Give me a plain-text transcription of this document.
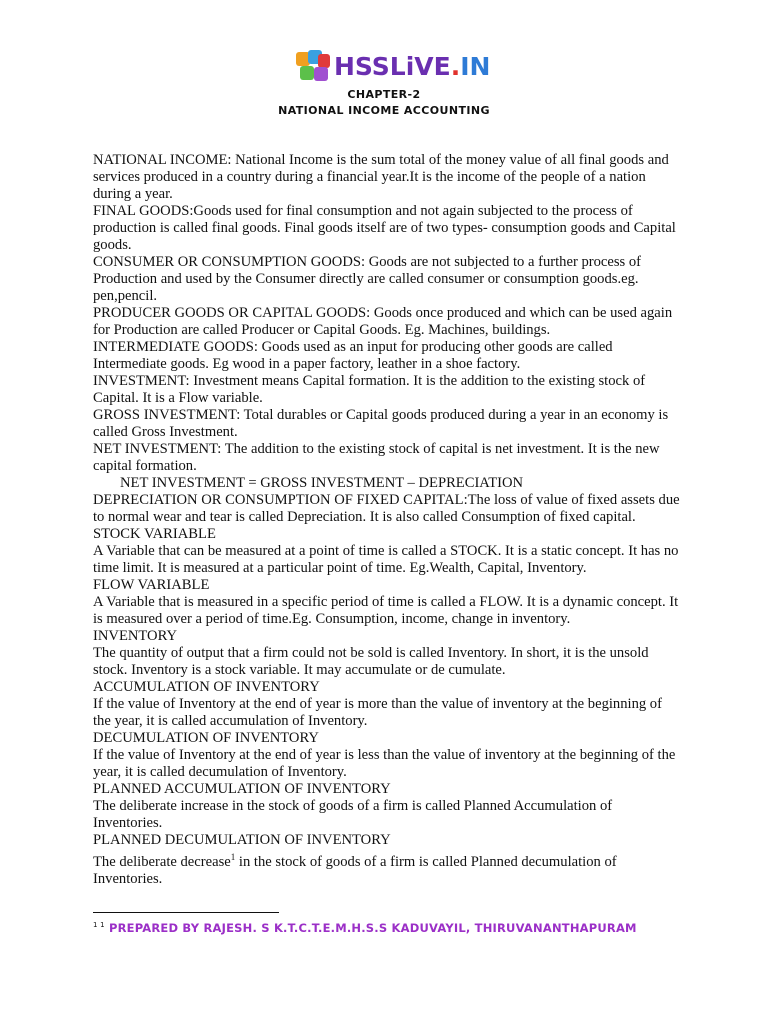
HSSLiVE.IN
CHAPTER-2
NATIONAL INCOME ACCOUNTING

NATIONAL INCOME: National Income is the sum total of the money value of all final goods and services produced in a country during a financial year.It is the income of the people of a nation during a year.

FINAL GOODS:Goods used for final consumption and not again subjected to the process of production is called final goods. Final goods itself are of two types- consumption goods and Capital goods.

CONSUMER OR CONSUMPTION GOODS: Goods are not subjected to a further process of Production and used by the Consumer directly are called consumer or consumption goods.eg. pen,pencil.

PRODUCER GOODS OR CAPITAL GOODS: Goods once produced and which can be used again for Production are called Producer or Capital Goods. Eg. Machines, buildings.

INTERMEDIATE GOODS: Goods used as an input for producing other goods are called Intermediate goods. Eg wood in a paper factory, leather in a shoe factory.

INVESTMENT: Investment means Capital formation. It is the addition to the existing stock of Capital. It is a Flow variable.

GROSS INVESTMENT: Total durables or Capital goods produced during a year in an economy is called Gross Investment.

NET INVESTMENT: The addition to the existing stock of capital is net investment. It is the new capital formation.

NET INVESTMENT = GROSS INVESTMENT – DEPRECIATION

DEPRECIATION OR CONSUMPTION OF FIXED CAPITAL:The loss of value of fixed assets due to normal wear and tear is called Depreciation. It is also called Consumption of fixed capital.

STOCK VARIABLE

A Variable that can be measured at a point of time is called a STOCK. It is a static concept. It has no time limit. It is measured at a particular point of time. Eg.Wealth, Capital, Inventory.

FLOW VARIABLE

A Variable that is measured in a specific period of time is called a FLOW. It is a dynamic concept. It is measured over a period of time.Eg. Consumption, income, change in inventory.

INVENTORY

The quantity of output that a firm could not be sold is called Inventory. In short, it is the unsold stock. Inventory is a stock variable. It may accumulate or de cumulate.

ACCUMULATION OF INVENTORY

If the value of Inventory at the end of year is more than the value of inventory at the beginning of the year, it is called accumulation of Inventory.

DECUMULATION OF INVENTORY

If the value of Inventory at the end of year is less than the value of inventory at the beginning of the year, it is called decumulation of Inventory.

PLANNED ACCUMULATION OF INVENTORY

The deliberate increase in the stock of goods of a firm is called Planned Accumulation of Inventories.

PLANNED DECUMULATION OF INVENTORY

The deliberate decrease$^1$ in the stock of goods of a firm is called Planned decumulation of Inventories.

$^{1 1}$ PREPARED BY RAJESH. S K.T.C.T.E.M.H.S.S KADUVAYIL, THIRUVANANTHAPURAM
